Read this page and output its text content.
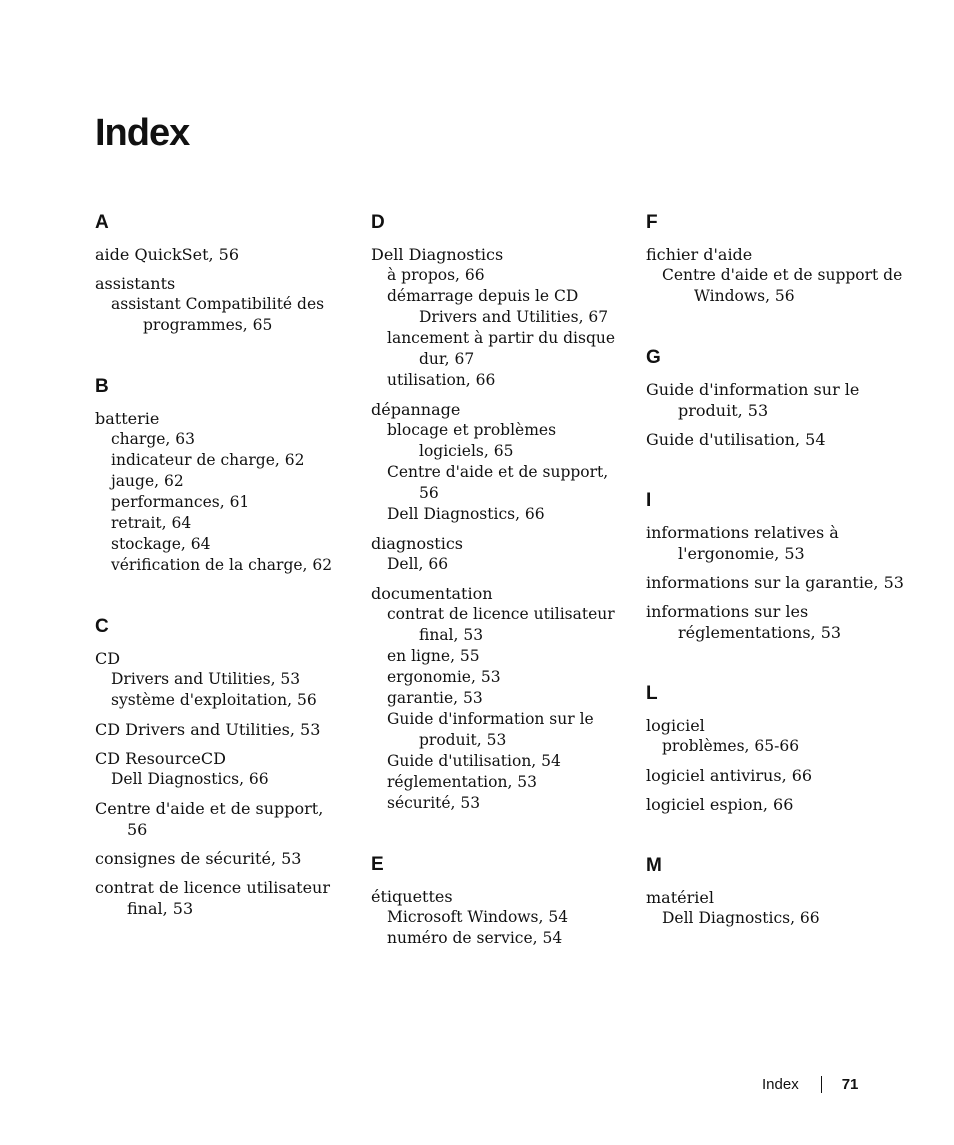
Index
A
aide QuickSet, 56
assistants
assistant Compatibilité des programmes, 65
B
batterie
charge, 63
indicateur de charge, 62
jauge, 62
performances, 61
retrait, 64
stockage, 64
vérification de la charge, 62
C
CD
Drivers and Utilities, 53
système d'exploitation, 56
CD Drivers and Utilities, 53
CD ResourceCD
Dell Diagnostics, 66
Centre d'aide et de support, 56
consignes de sécurité, 53
contrat de licence utilisateur final, 53
D
Dell Diagnostics
à propos, 66
démarrage depuis le CD Drivers and Utilities, 67
lancement à partir du disque dur, 67
utilisation, 66
dépannage
blocage et problèmes logiciels, 65
Centre d'aide et de support, 56
Dell Diagnostics, 66
diagnostics
Dell, 66
documentation
contrat de licence utilisateur final, 53
en ligne, 55
ergonomie, 53
garantie, 53
Guide d'information sur le produit, 53
Guide d'utilisation, 54
réglementation, 53
sécurité, 53
E
étiquettes
Microsoft Windows, 54
numéro de service, 54
F
fichier d'aide
Centre d'aide et de support de Windows, 56
G
Guide d'information sur le produit, 53
Guide d'utilisation, 54
I
informations relatives à l'ergonomie, 53
informations sur la garantie, 53
informations sur les réglementations, 53
L
logiciel
problèmes, 65-66
logiciel antivirus, 66
logiciel espion, 66
M
matériel
Dell Diagnostics, 66
Index	71
